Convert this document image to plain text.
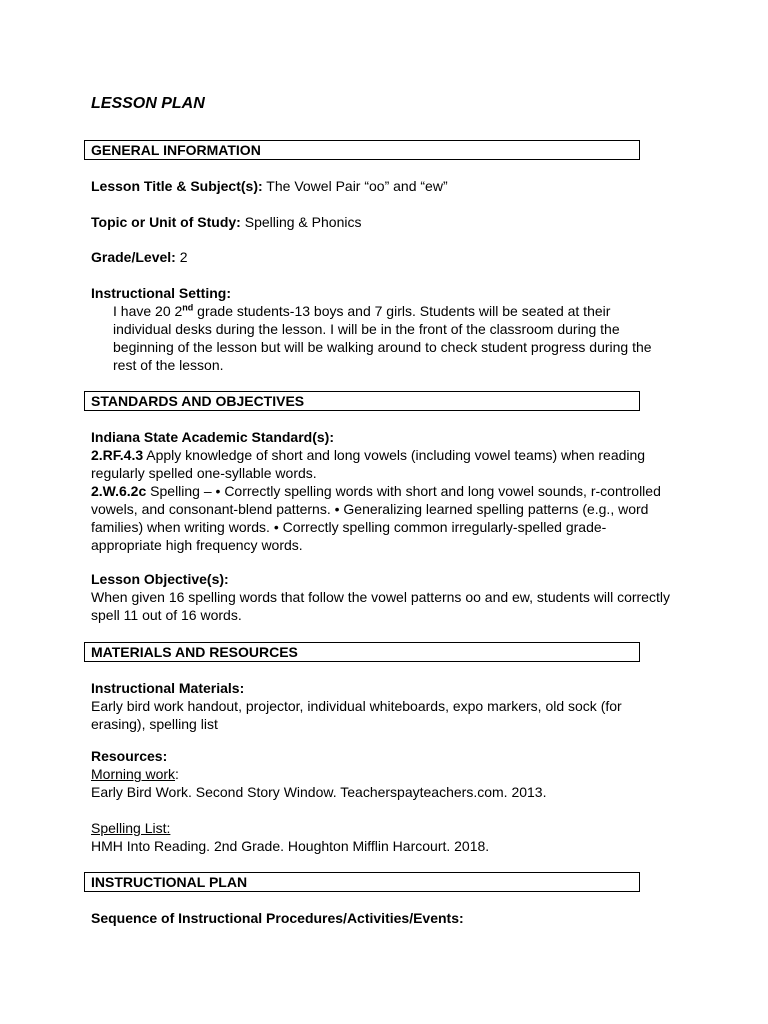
LESSON PLAN
GENERAL INFORMATION
Lesson Title & Subject(s): The Vowel Pair “oo” and “ew”
Topic or Unit of Study: Spelling & Phonics
Grade/Level: 2
Instructional Setting:
I have 20 2nd grade students-13 boys and 7 girls. Students will be seated at their individual desks during the lesson. I will be in the front of the classroom during the beginning of the lesson but will be walking around to check student progress during the rest of the lesson.
STANDARDS AND OBJECTIVES
Indiana State Academic Standard(s):
2.RF.4.3 Apply knowledge of short and long vowels (including vowel teams) when reading regularly spelled one-syllable words.
2.W.6.2c Spelling – • Correctly spelling words with short and long vowel sounds, r-controlled vowels, and consonant-blend patterns. • Generalizing learned spelling patterns (e.g., word families) when writing words. • Correctly spelling common irregularly-spelled grade-appropriate high frequency words.
Lesson Objective(s):
When given 16 spelling words that follow the vowel patterns oo and ew, students will correctly spell 11 out of 16 words.
MATERIALS AND RESOURCES
Instructional Materials:
Early bird work handout, projector, individual whiteboards, expo markers, old sock (for erasing), spelling list
Resources:
Morning work:
Early Bird Work. Second Story Window. Teacherspayteachers.com. 2013.
Spelling List:
HMH Into Reading. 2nd Grade. Houghton Mifflin Harcourt. 2018.
INSTRUCTIONAL PLAN
Sequence of Instructional Procedures/Activities/Events:
